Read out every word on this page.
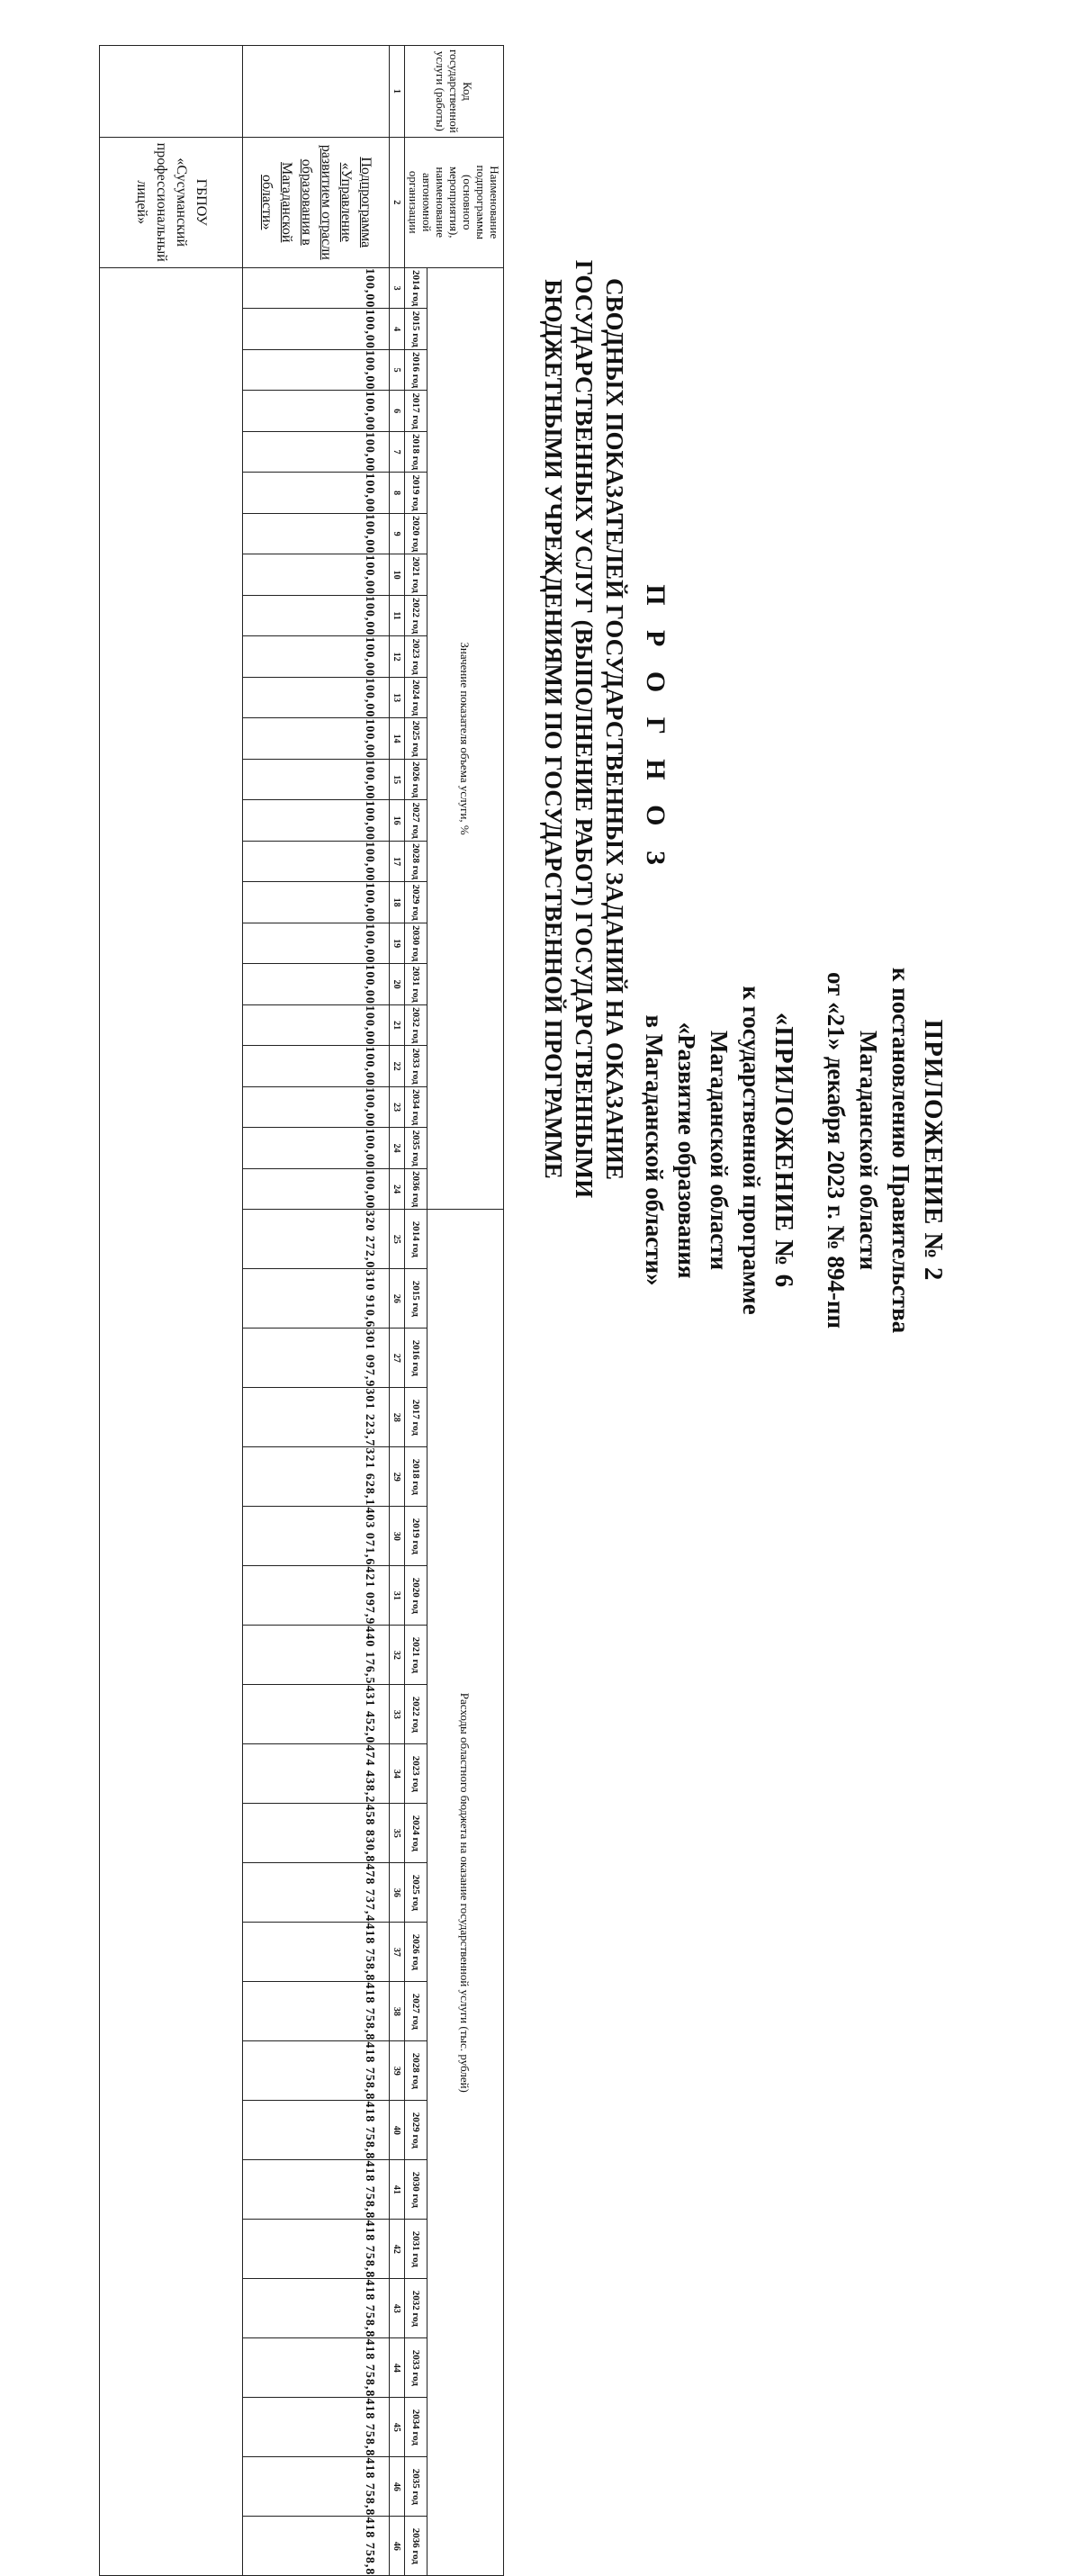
ПРИЛОЖЕНИЕ № 2
к постановлению Правительства
Магаданской области
от «21» декабря 2023 г. № 894-пп
«ПРИЛОЖЕНИЕ № 6
к государственной программе
Магаданской области
«Развитие образования
в Магаданской области»
П Р О Г Н О З
СВОДНЫХ ПОКАЗАТЕЛЕЙ ГОСУДАРСТВЕННЫХ ЗАДАНИЙ НА ОКАЗАНИЕ
ГОСУДАРСТВЕННЫХ УСЛУГ (ВЫПОЛНЕНИЕ РАБОТ) ГОСУДАРСТВЕННЫМИ
БЮДЖЕТНЫМИ УЧРЕЖДЕНИЯМИ ПО ГОСУДАРСТВЕННОЙ ПРОГРАММЕ
Код государственной услуги (работы)	Наименование подпрограммы (основного мероприятия), наименование автономной организации	Значение показателя объема услуги, %																							Расходы областного бюджета на оказание государственной услуги (тыс. рублей)																						
		2014 год	2015 год	2016 год	2017 год	2018 год	2019 год	2020 год	2021 год	2022 год	2023 год	2024 год	2025 год	2026 год	2027 год	2028 год	2029 год	2030 год	2031 год	2032 год	2033 год	2034 год	2035 год	2036 год	2014 год	2015 год	2016 год	2017 год	2018 год	2019 год	2020 год	2021 год	2022 год	2023 год	2024 год	2025 год	2026 год	2027 год	2028 год	2029 год	2030 год	2031 год	2032 год	2033 год	2034 год	2035 год	2036 год
1	2	3	4	5	6	7	8	9	10	11	12	13	14	15	16	17	18	19	20	21	22	23	24	24	25	26	27	28	29	30	31	32	33	34	35	36	37	38	39	40	41	42	43	44	45	46	46
	Подпрограмма «Управление развитием отрасли образования в Магаданской области»	100,00	100,00	100,00	100,00	100,00	100,00	100,00	100,00	100,00	100,00	100,00	100,00	100,00	100,00	100,00	100,00	100,00	100,00	100,00	100,00	100,00	100,00	100,00	320 272,0	310 910,6	301 097,9	301 223,7	321 628,1	403 071,6	421 097,9	440 176,5	431 452,0	474 438,2	458 830,8	478 737,4	418 758,8	418 758,8	418 758,8	418 758,8	418 758,8	418 758,8	418 758,8	418 758,8	418 758,8	418 758,8	418 758,8
	ГБПОУ «Сусуманский профессиональный лицей»																																														
